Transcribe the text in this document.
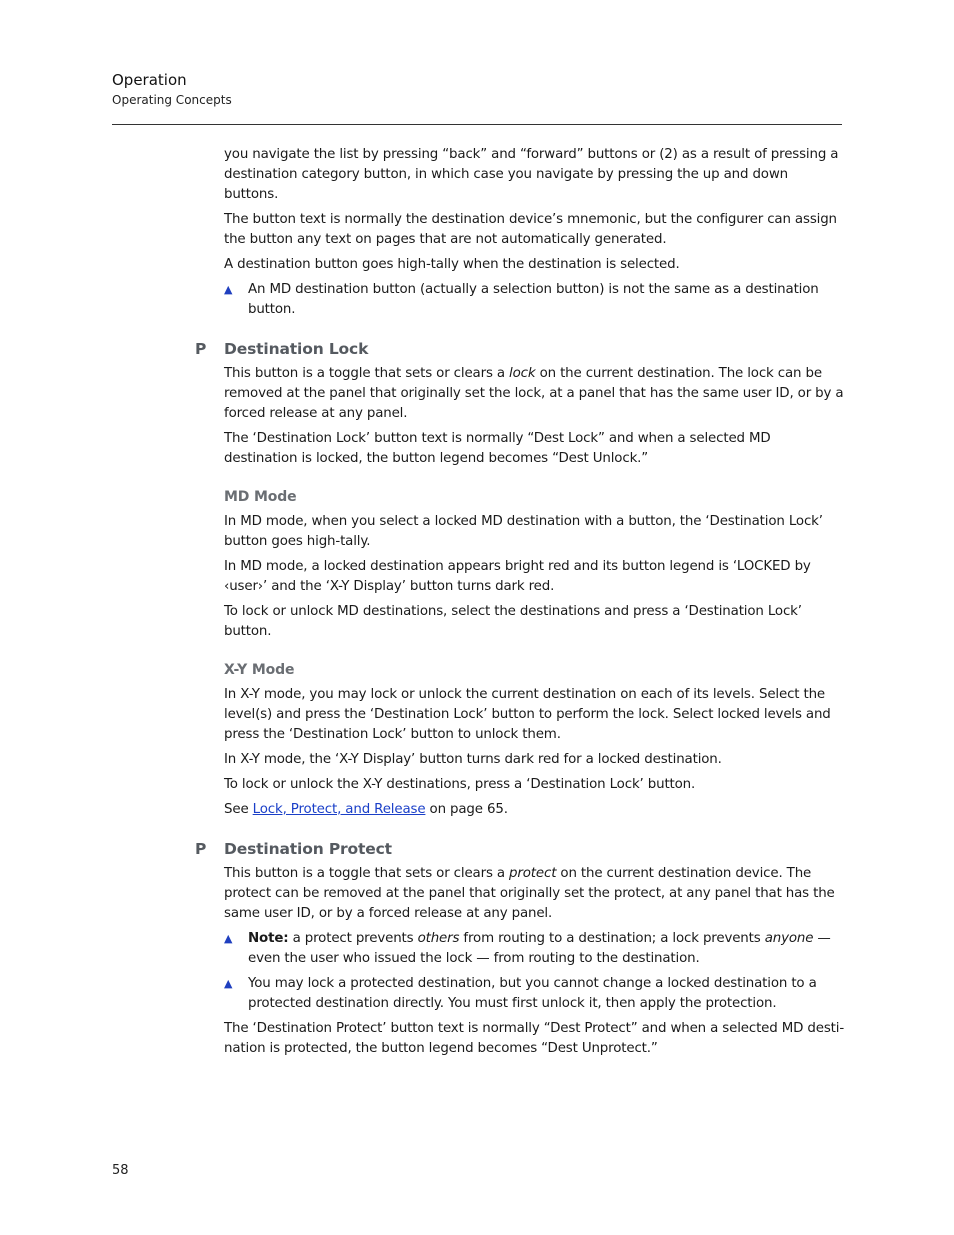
Operation
Operating Concepts

you navigate the list by pressing “back” and “forward” buttons or (2) as a result of pressing a destination category button, in which case you navigate by pressing the up and down buttons.

The button text is normally the destination device’s mnemonic, but the configurer can assign the button any text on pages that are not automatically generated.

A destination button goes high-tally when the destination is selected.

▲ An MD destination button (actually a selection button) is not the same as a destination button.
P Destination Lock

This button is a toggle that sets or clears a lock on the current destination. The lock can be removed at the panel that originally set the lock, at a panel that has the same user ID, or by a forced release at any panel.

The ‘Destination Lock’ button text is normally “Dest Lock” and when a selected MD destination is locked, the button legend becomes “Dest Unlock.”

MD Mode

In MD mode, when you select a locked MD destination with a button, the ‘Destination Lock’ button goes high-tally.

In MD mode, a locked destination appears bright red and its button legend is ‘LOCKED by ‹user›’ and the ‘X-Y Display’ button turns dark red.

To lock or unlock MD destinations, select the destinations and press a ‘Destination Lock’ button.

X-Y Mode

In X-Y mode, you may lock or unlock the current destination on each of its levels. Select the level(s) and press the ‘Destination Lock’ button to perform the lock. Select locked levels and press the ‘Destination Lock’ button to unlock them.

In X-Y mode, the ‘X-Y Display’ button turns dark red for a locked destination.

To lock or unlock the X-Y destinations, press a ‘Destination Lock’ button.

See Lock, Protect, and Release on page 65.

P Destination Protect

This button is a toggle that sets or clears a protect on the current destination device. The protect can be removed at the panel that originally set the protect, at any panel that has the same user ID, or by a forced release at any panel.

▲ Note: a protect prevents others from routing to a destination; a lock prevents anyone — even the user who issued the lock — from routing to the destination.
▲ You may lock a protected destination, but you cannot change a locked destination to a protected destination directly. You must first unlock it, then apply the protection.

The ‘Destination Protect’ button text is normally “Dest Protect” and when a selected MD desti-nation is protected, the button legend becomes “Dest Unprotect.”

58
